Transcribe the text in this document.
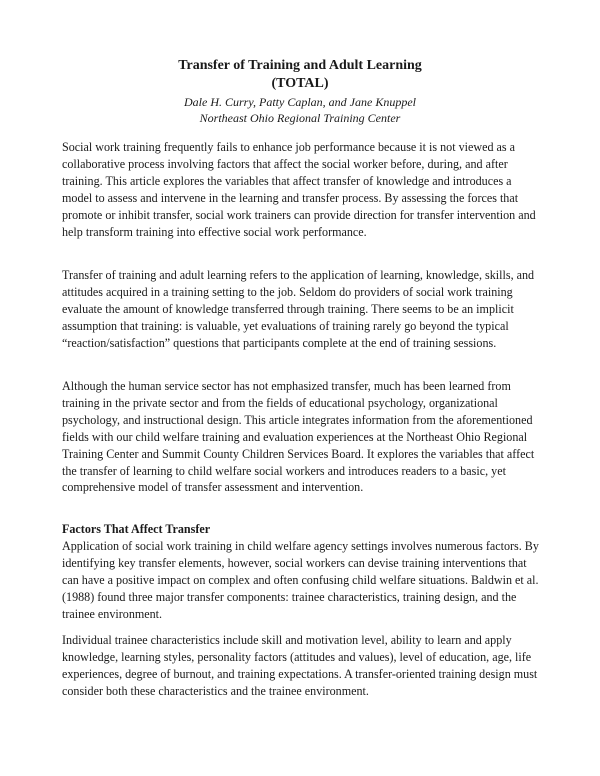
Transfer of Training and Adult Learning
(TOTAL)
Dale H. Curry, Patty Caplan, and Jane Knuppel
Northeast Ohio Regional Training Center

Social work training frequently fails to enhance job performance because it is not viewed as a collaborative process involving factors that affect the social worker before, during, and after training. This article explores the variables that affect transfer of knowledge and introduces a model to assess and intervene in the learning and transfer process. By assessing the forces that promote or inhibit transfer, social work trainers can provide direction for transfer intervention and help transform training into effective social work performance.

Transfer of training and adult learning refers to the application of learning, knowledge, skills, and attitudes acquired in a training setting to the job. Seldom do providers of social work training evaluate the amount of knowledge transferred through training. There seems to be an implicit assumption that training: is valuable, yet evaluations of training rarely go beyond the typical “reaction/satisfaction” questions that participants complete at the end of training sessions.

Although the human service sector has not emphasized transfer, much has been learned from training in the private sector and from the fields of educational psychology, organizational psychology, and instructional design. This article integrates information from the aforementioned fields with our child welfare training and evaluation experiences at the Northeast Ohio Regional Training Center and Summit County Children Services Board. It explores the variables that affect the transfer of learning to child welfare social workers and introduces readers to a basic, yet comprehensive model of transfer assessment and intervention.

Factors That Affect Transfer

Application of social work training in child welfare agency settings involves numerous factors. By identifying key transfer elements, however, social workers can devise training interventions that can have a positive impact on complex and often confusing child welfare situations. Baldwin et al. (1988) found three major transfer components: trainee characteristics, training design, and the trainee environment.

Individual trainee characteristics include skill and motivation level, ability to learn and apply knowledge, learning styles, personality factors (attitudes and values), level of education, age, life experiences, degree of burnout, and training expectations. A transfer-oriented training design must consider both these characteristics and the trainee environment.
